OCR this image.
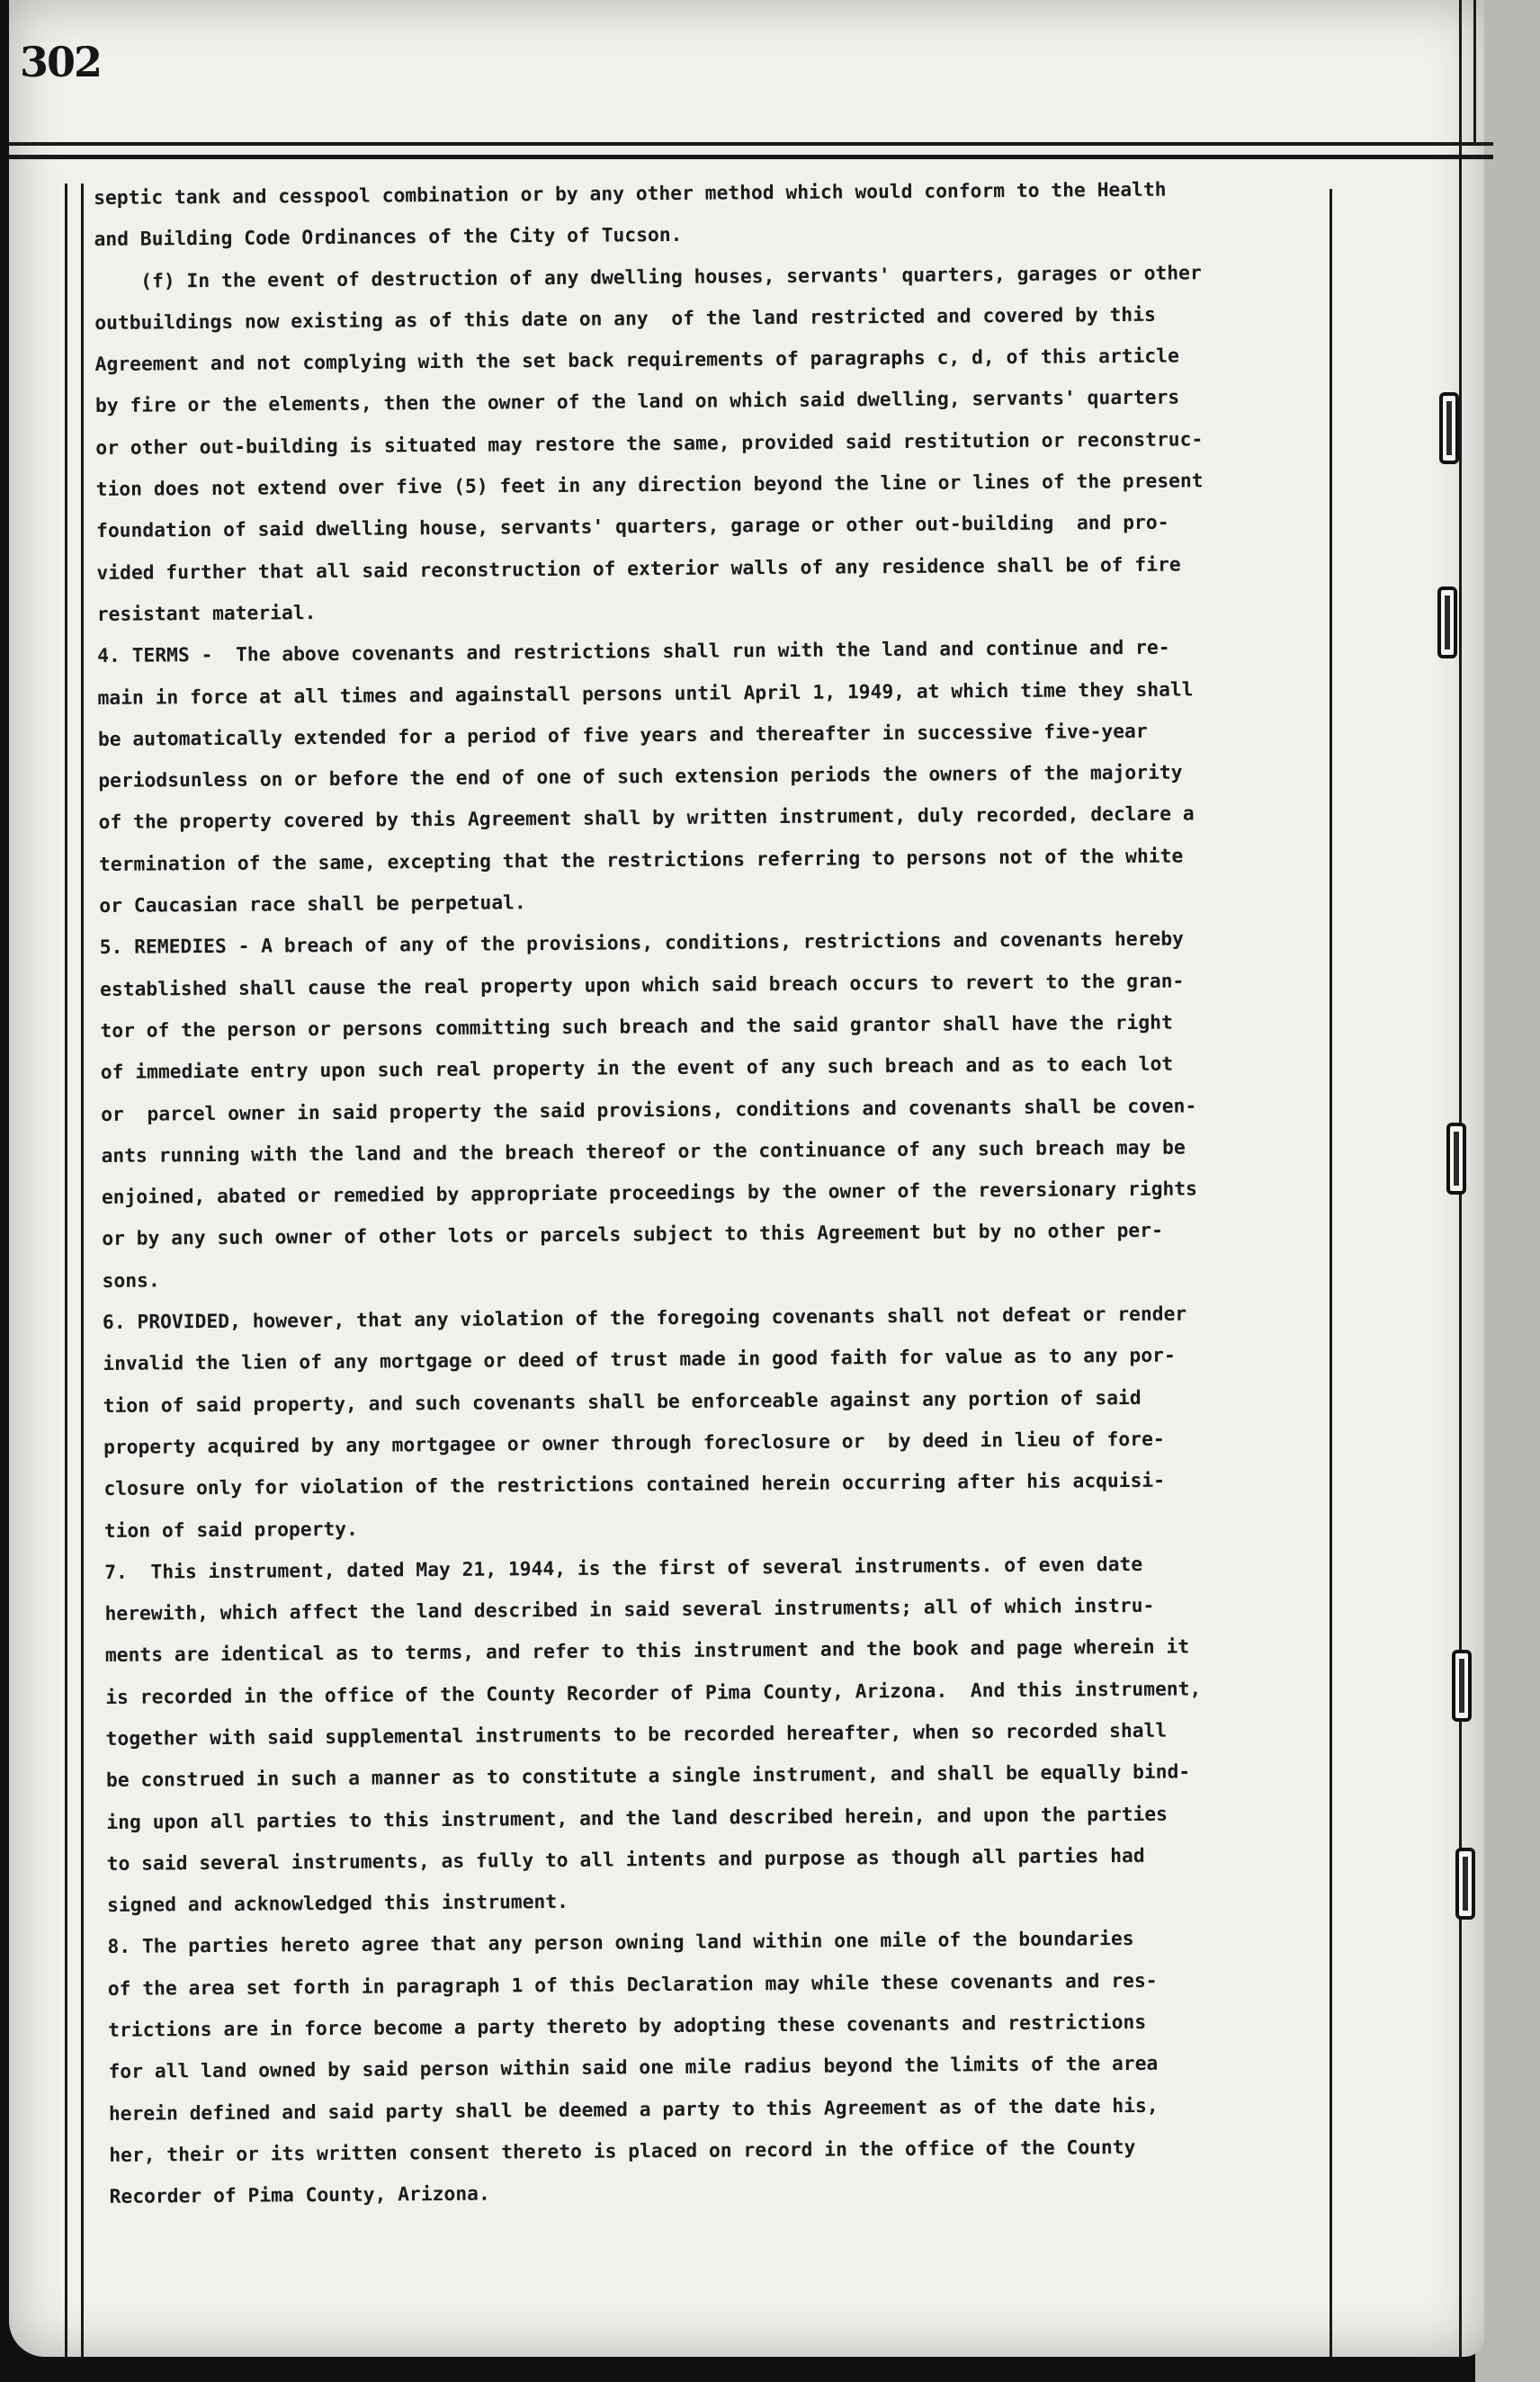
302
septic tank and cesspool combination or by any other method which would conform to the Health
and Building Code Ordinances of the City of Tucson.
(f) In the event of destruction of any dwelling houses, servants' quarters, garages or other
outbuildings now existing as of this date on any  of the land restricted and covered by this
Agreement and not complying with the set back requirements of paragraphs c, d, of this article
by fire or the elements, then the owner of the land on which said dwelling, servants' quarters
or other out-building is situated may restore the same, provided said restitution or reconstruc-
tion does not extend over five (5) feet in any direction beyond the line or lines of the present
foundation of said dwelling house, servants' quarters, garage or other out-building  and pro-
vided further that all said reconstruction of exterior walls of any residence shall be of fire
resistant material.
4. TERMS -  The above covenants and restrictions shall run with the land and continue and re-
main in force at all times and againstall persons until April 1, 1949, at which time they shall
be automatically extended for a period of five years and thereafter in successive five-year
periodsunless on or before the end of one of such extension periods the owners of the majority
of the property covered by this Agreement shall by written instrument, duly recorded, declare a
termination of the same, excepting that the restrictions referring to persons not of the white
or Caucasian race shall be perpetual.
5. REMEDIES - A breach of any of the provisions, conditions, restrictions and covenants hereby
established shall cause the real property upon which said breach occurs to revert to the gran-
tor of the person or persons committing such breach and the said grantor shall have the right
of immediate entry upon such real property in the event of any such breach and as to each lot
or  parcel owner in said property the said provisions, conditions and covenants shall be coven-
ants running with the land and the breach thereof or the continuance of any such breach may be
enjoined, abated or remedied by appropriate proceedings by the owner of the reversionary rights
or by any such owner of other lots or parcels subject to this Agreement but by no other per-
sons.
6. PROVIDED, however, that any violation of the foregoing covenants shall not defeat or render
invalid the lien of any mortgage or deed of trust made in good faith for value as to any por-
tion of said property, and such covenants shall be enforceable against any portion of said
property acquired by any mortgagee or owner through foreclosure or  by deed in lieu of fore-
closure only for violation of the restrictions contained herein occurring after his acquisi-
tion of said property.
7.  This instrument, dated May 21, 1944, is the first of several instruments. of even date
herewith, which affect the land described in said several instruments; all of which instru-
ments are identical as to terms, and refer to this instrument and the book and page wherein it
is recorded in the office of the County Recorder of Pima County, Arizona.  And this instrument,
together with said supplemental instruments to be recorded hereafter, when so recorded shall
be construed in such a manner as to constitute a single instrument, and shall be equally bind-
ing upon all parties to this instrument, and the land described herein, and upon the parties
to said several instruments, as fully to all intents and purpose as though all parties had
signed and acknowledged this instrument.
8. The parties hereto agree that any person owning land within one mile of the boundaries
of the area set forth in paragraph 1 of this Declaration may while these covenants and res-
trictions are in force become a party thereto by adopting these covenants and restrictions
for all land owned by said person within said one mile radius beyond the limits of the area
herein defined and said party shall be deemed a party to this Agreement as of the date his,
her, their or its written consent thereto is placed on record in the office of the County
Recorder of Pima County, Arizona.
